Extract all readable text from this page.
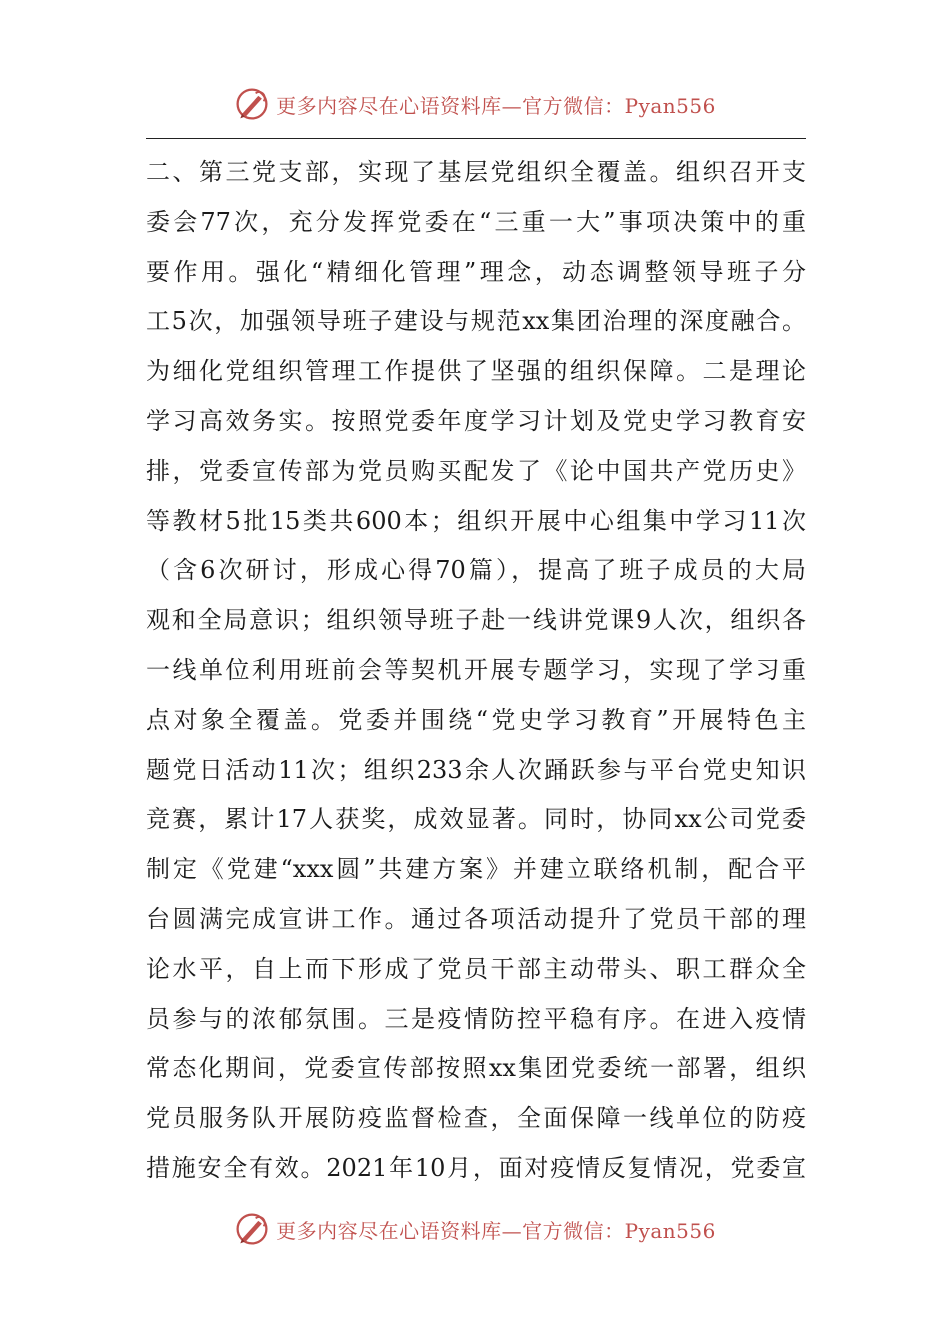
更多内容尽在心语资料库—官方微信：Pyan556
二、第三党支部，实现了基层党组织全覆盖。组织召开支
委会77次，充分发挥党委在“三重一大”事项决策中的重
要作用。强化“精细化管理”理念，动态调整领导班子分
工5次，加强领导班子建设与规范xx集团治理的深度融合。
为细化党组织管理工作提供了坚强的组织保障。二是理论
学习高效务实。按照党委年度学习计划及党史学习教育安
排，党委宣传部为党员购买配发了《论中国共产党历史》
等教材5批15类共600本；组织开展中心组集中学习11次
（含6次研讨，形成心得70篇），提高了班子成员的大局
观和全局意识；组织领导班子赴一线讲党课9人次，组织各
一线单位利用班前会等契机开展专题学习，实现了学习重
点对象全覆盖。党委并围绕“党史学习教育”开展特色主
题党日活动11次；组织233余人次踊跃参与平台党史知识
竞赛，累计17人获奖，成效显著。同时，协同xx公司党委
制定《党建“xxx圆”共建方案》并建立联络机制，配合平
台圆满完成宣讲工作。通过各项活动提升了党员干部的理
论水平，自上而下形成了党员干部主动带头、职工群众全
员参与的浓郁氛围。三是疫情防控平稳有序。在进入疫情
常态化期间，党委宣传部按照xx集团党委统一部署，组织
党员服务队开展防疫监督检查，全面保障一线单位的防疫
措施安全有效。2021年10月，面对疫情反复情况，党委宣
更多内容尽在心语资料库—官方微信：Pyan556
